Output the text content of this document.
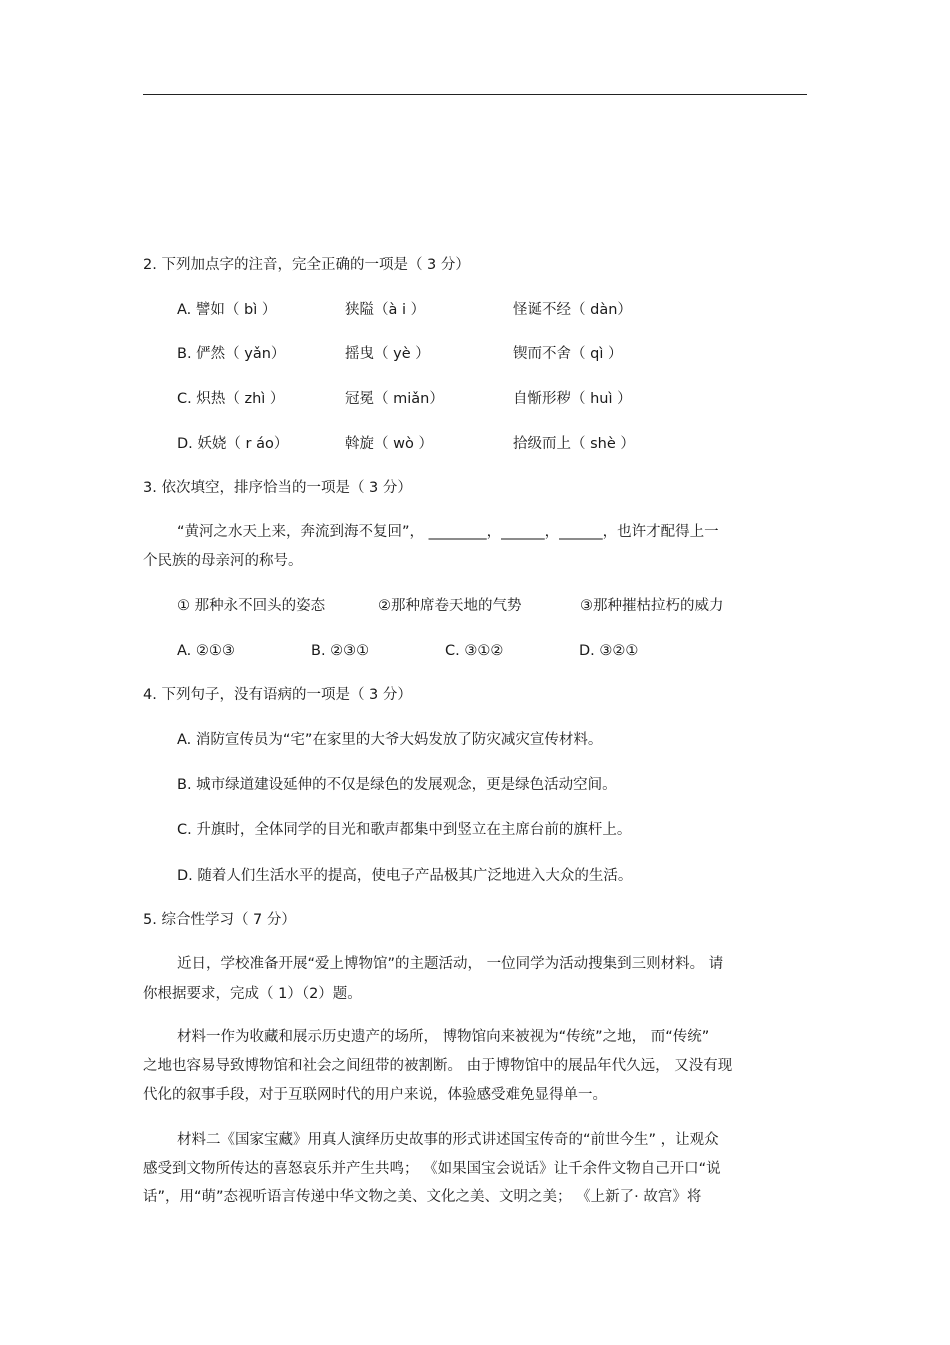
2. 下列加点字的注音，完全正确的一项是（ 3 分）
A. 譬如（ bì ）	狭隘（à i ）	怪诞不经（ dàn）
B. 俨然（ yǎn）	摇曳（ yè ）	锲而不舍（ qì ）
C. 炽热（ zhì ）	冠冕（ miǎn）	自惭形秽（ huì ）
D. 妖娆（ r áo）	斡旋（ wò ）	拾级而上（ shè ）
3. 依次填空，排序恰当的一项是（ 3 分）
“黄河之水天上来，奔流到海不复回”， ________，______，______，也许才配得上一
个民族的母亲河的称号。
① 那种永不回头的姿态	②那种席卷天地的气势	③那种摧枯拉朽的威力
A. ②①③	B. ②③①	C. ③①②	D. ③②①
4. 下列句子，没有语病的一项是（ 3 分）
A. 消防宣传员为“宅”在家里的大爷大妈发放了防灾减灾宣传材料。
B. 城市绿道建设延伸的不仅是绿色的发展观念，更是绿色活动空间。
C. 升旗时，全体同学的目光和歌声都集中到竖立在主席台前的旗杆上。
D. 随着人们生活水平的提高，使电子产品极其广泛地进入大众的生活。
5. 综合性学习（ 7 分）
近日，学校准备开展“爱上博物馆”的主题活动， 一位同学为活动搜集到三则材料。 请
你根据要求，完成（ 1）（2）题。
材料一作为收藏和展示历史遗产的场所， 博物馆向来被视为“传统”之地， 而“传统”
之地也容易导致博物馆和社会之间纽带的被割断。 由于博物馆中的展品年代久远， 又没有现
代化的叙事手段，对于互联网时代的用户来说，体验感受难免显得单一。
材料二《国家宝藏》用真人演绎历史故事的形式讲述国宝传奇的“前世今生” ，让观众
感受到文物所传达的喜怒哀乐并产生共鸣； 《如果国宝会说话》让千余件文物自己开口“说
话”，用“萌”态视听语言传递中华文物之美、文化之美、文明之美； 《上新了· 故宫》将
